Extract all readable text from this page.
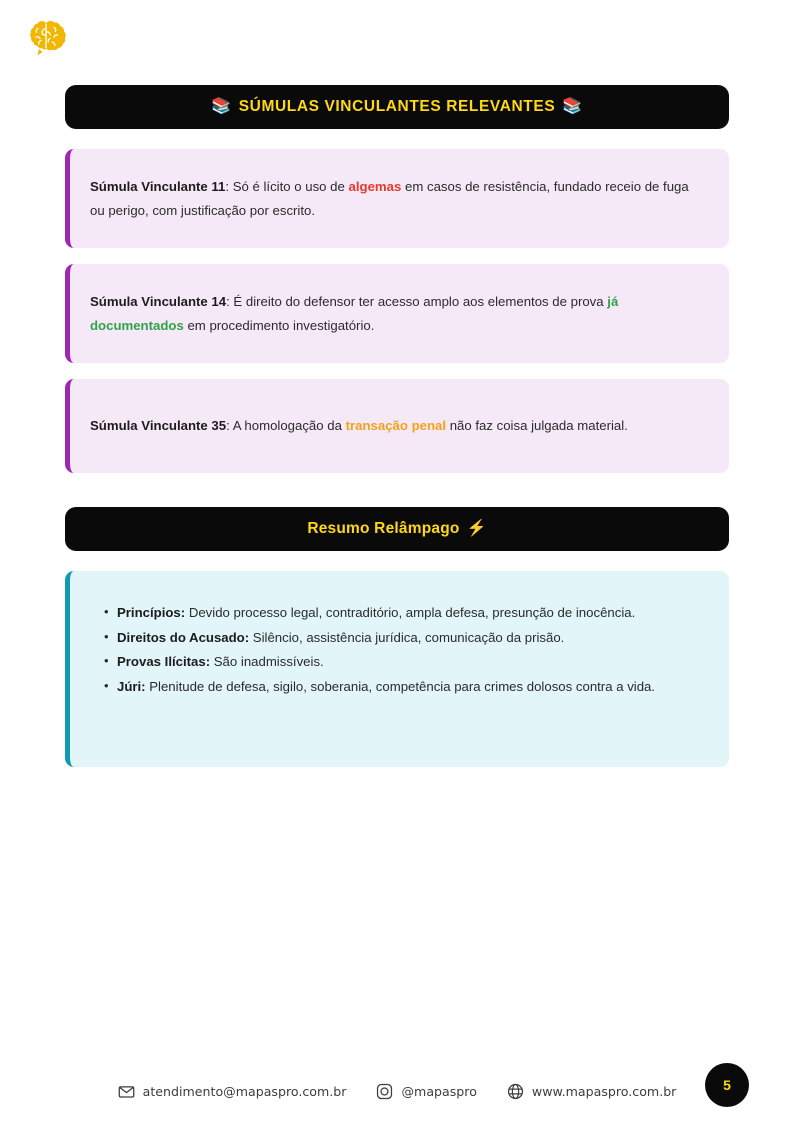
📚 SÚMULAS VINCULANTES RELEVANTES 📚
Súmula Vinculante 11: Só é lícito o uso de algemas em casos de resistência, fundado receio de fuga ou perigo, com justificação por escrito.
Súmula Vinculante 14: É direito do defensor ter acesso amplo aos elementos de prova já documentados em procedimento investigatório.
Súmula Vinculante 35: A homologação da transação penal não faz coisa julgada material.
Resumo Relâmpago ⚡
• Princípios: Devido processo legal, contraditório, ampla defesa, presunção de inocência.
• Direitos do Acusado: Silêncio, assistência jurídica, comunicação da prisão.
• Provas Ilícitas: São inadmissíveis.
• Júri: Plenitude de defesa, sigilo, soberania, competência para crimes dolosos contra a vida.
atendimento@mapaspro.com.br	@mapaspro	www.mapaspro.com.br	5
